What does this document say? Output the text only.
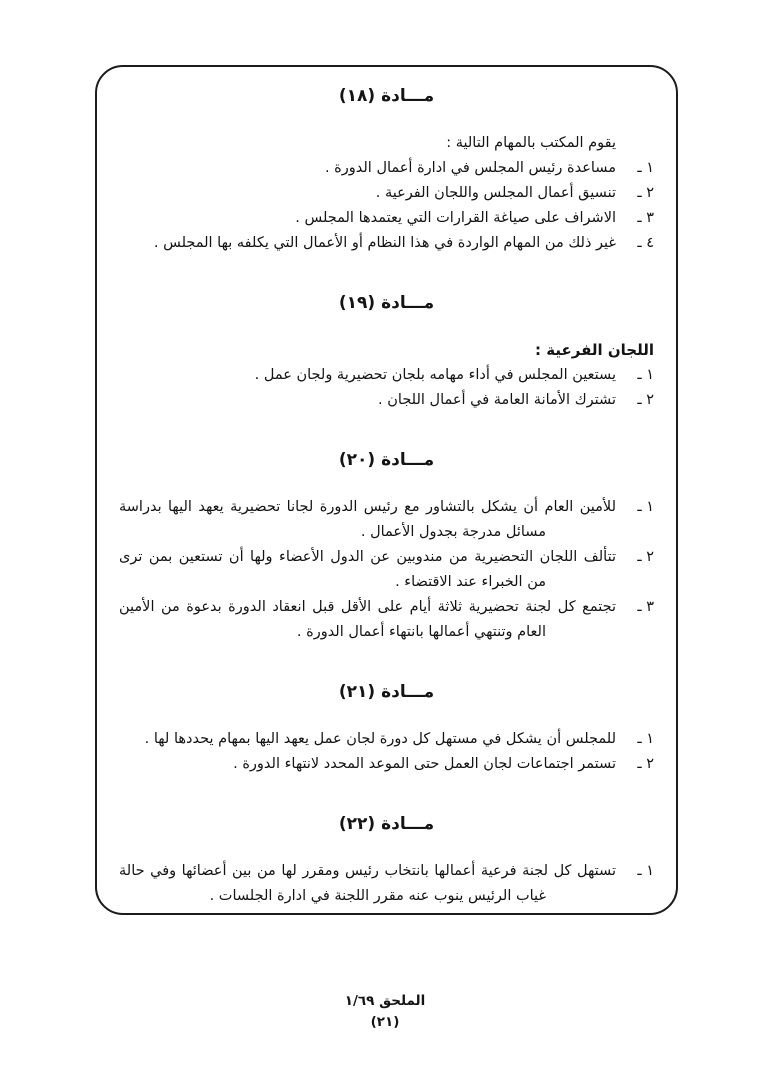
مـــادة (١٨)
يقوم المكتب بالمهام التالية :
١ ـ
مساعدة رئيس المجلس في ادارة أعمال الدورة .
٢ ـ
تنسيق أعمال المجلس واللجان الفرعية .
٣ ـ
الاشراف على صياغة القرارات التي يعتمدها المجلس .
٤ ـ
غير ذلك من المهام الواردة في هذا النظام أو الأعمال التي يكلفه بها المجلس .
مـــادة (١٩)
اللجان الفرعية :
١ ـ
يستعين المجلس في أداء مهامه بلجان تحضيرية ولجان عمل .
٢ ـ
تشترك الأمانة العامة في أعمال اللجان .
مـــادة (٢٠)
١ ـ
للأمين العام أن يشكل بالتشاور مع رئيس الدورة لجانا تحضيرية يعهد اليها بدراسة مسائل مدرجة بجدول الأعمال .
٢ ـ
تتألف اللجان التحضيرية من مندوبين عن الدول الأعضاء ولها أن تستعين بمن ترى من الخبراء عند الاقتضاء .
٣ ـ
تجتمع كل لجنة تحضيرية ثلاثة أيام على الأقل قبل انعقاد الدورة بدعوة من الأمين العام وتنتهي أعمالها بانتهاء أعمال الدورة .
مـــادة (٢١)
١ ـ
للمجلس أن يشكل في مستهل كل دورة لجان عمل يعهد اليها بمهام يحددها لها .
٢ ـ
تستمر اجتماعات لجان العمل حتى الموعد المحدد لانتهاء الدورة .
مـــادة (٢٢)
١ ـ
تستهل كل لجنة فرعية أعمالها بانتخاب رئيس ومقرر لها من بين أعضائها وفي حالة غياب الرئيس ينوب عنه مقرر اللجنة في ادارة الجلسات .
الملحق ١/٦٩
(٢١)
